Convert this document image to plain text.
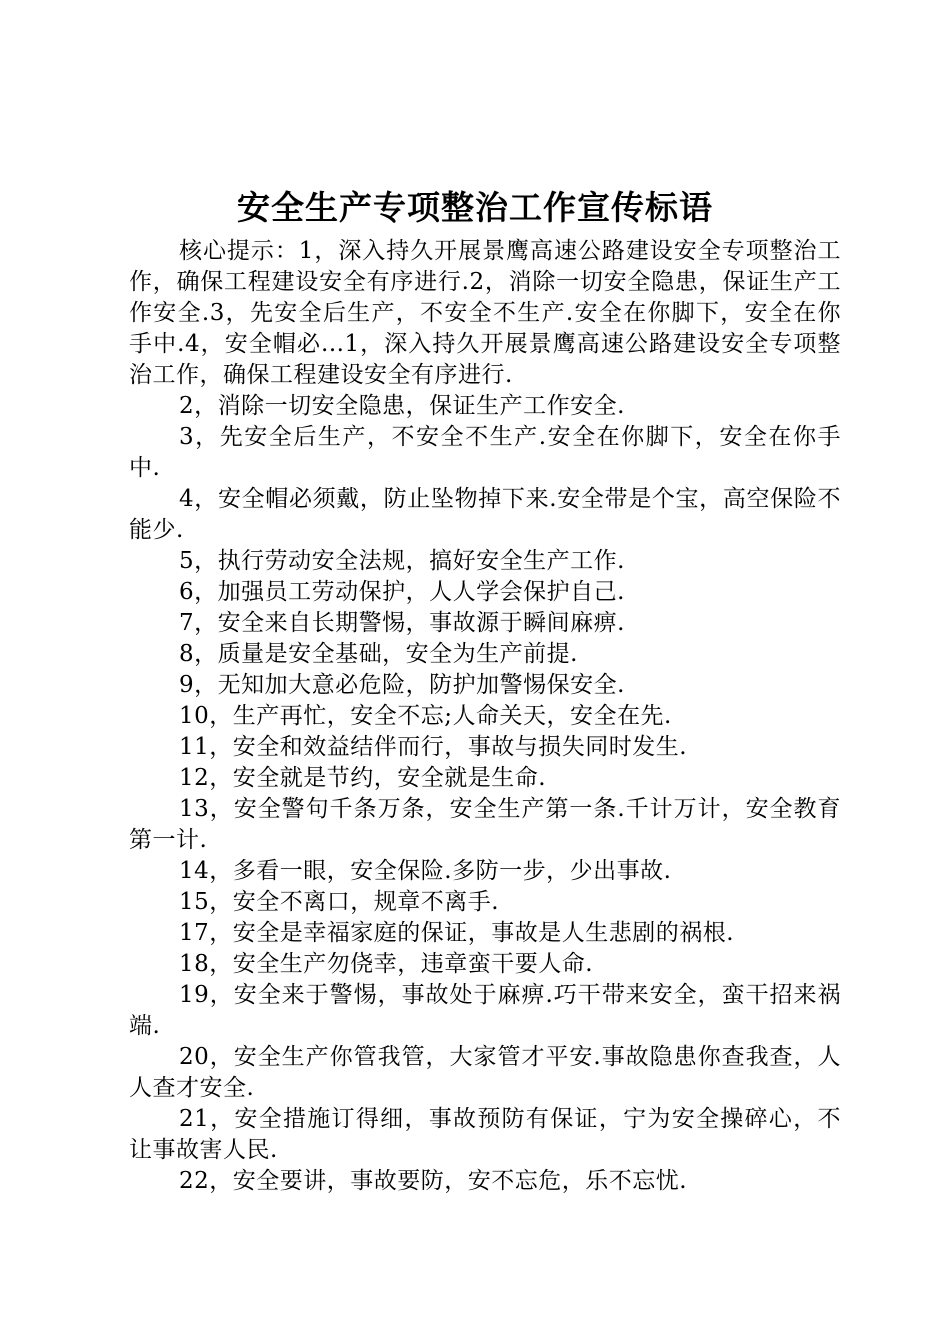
安全生产专项整治工作宣传标语

核心提示：1，深入持久开展景鹰高速公路建设安全专项整治工作，确保工程建设安全有序进行.2，消除一切安全隐患，保证生产工作安全.3，先安全后生产，不安全不生产.安全在你脚下，安全在你手中.4，安全帽必...1，深入持久开展景鹰高速公路建设安全专项整治工作，确保工程建设安全有序进行.

2，消除一切安全隐患，保证生产工作安全.

3，先安全后生产，不安全不生产.安全在你脚下，安全在你手中.

4，安全帽必须戴，防止坠物掉下来.安全带是个宝，高空保险不能少.

5，执行劳动安全法规，搞好安全生产工作.

6，加强员工劳动保护，人人学会保护自己.

7，安全来自长期警惕，事故源于瞬间麻痹.

8，质量是安全基础，安全为生产前提.

9，无知加大意必危险，防护加警惕保安全.

10，生产再忙，安全不忘;人命关天，安全在先.

11，安全和效益结伴而行，事故与损失同时发生.

12，安全就是节约，安全就是生命.

13，安全警句千条万条，安全生产第一条.千计万计，安全教育第一计.

14，多看一眼，安全保险.多防一步，少出事故.

15，安全不离口，规章不离手.

17，安全是幸福家庭的保证，事故是人生悲剧的祸根.

18，安全生产勿侥幸，违章蛮干要人命.

19，安全来于警惕，事故处于麻痹.巧干带来安全，蛮干招来祸端.

20，安全生产你管我管，大家管才平安.事故隐患你查我查，人人查才安全.

21，安全措施订得细，事故预防有保证，宁为安全操碎心，不让事故害人民.

22，安全要讲，事故要防，安不忘危，乐不忘忧.
